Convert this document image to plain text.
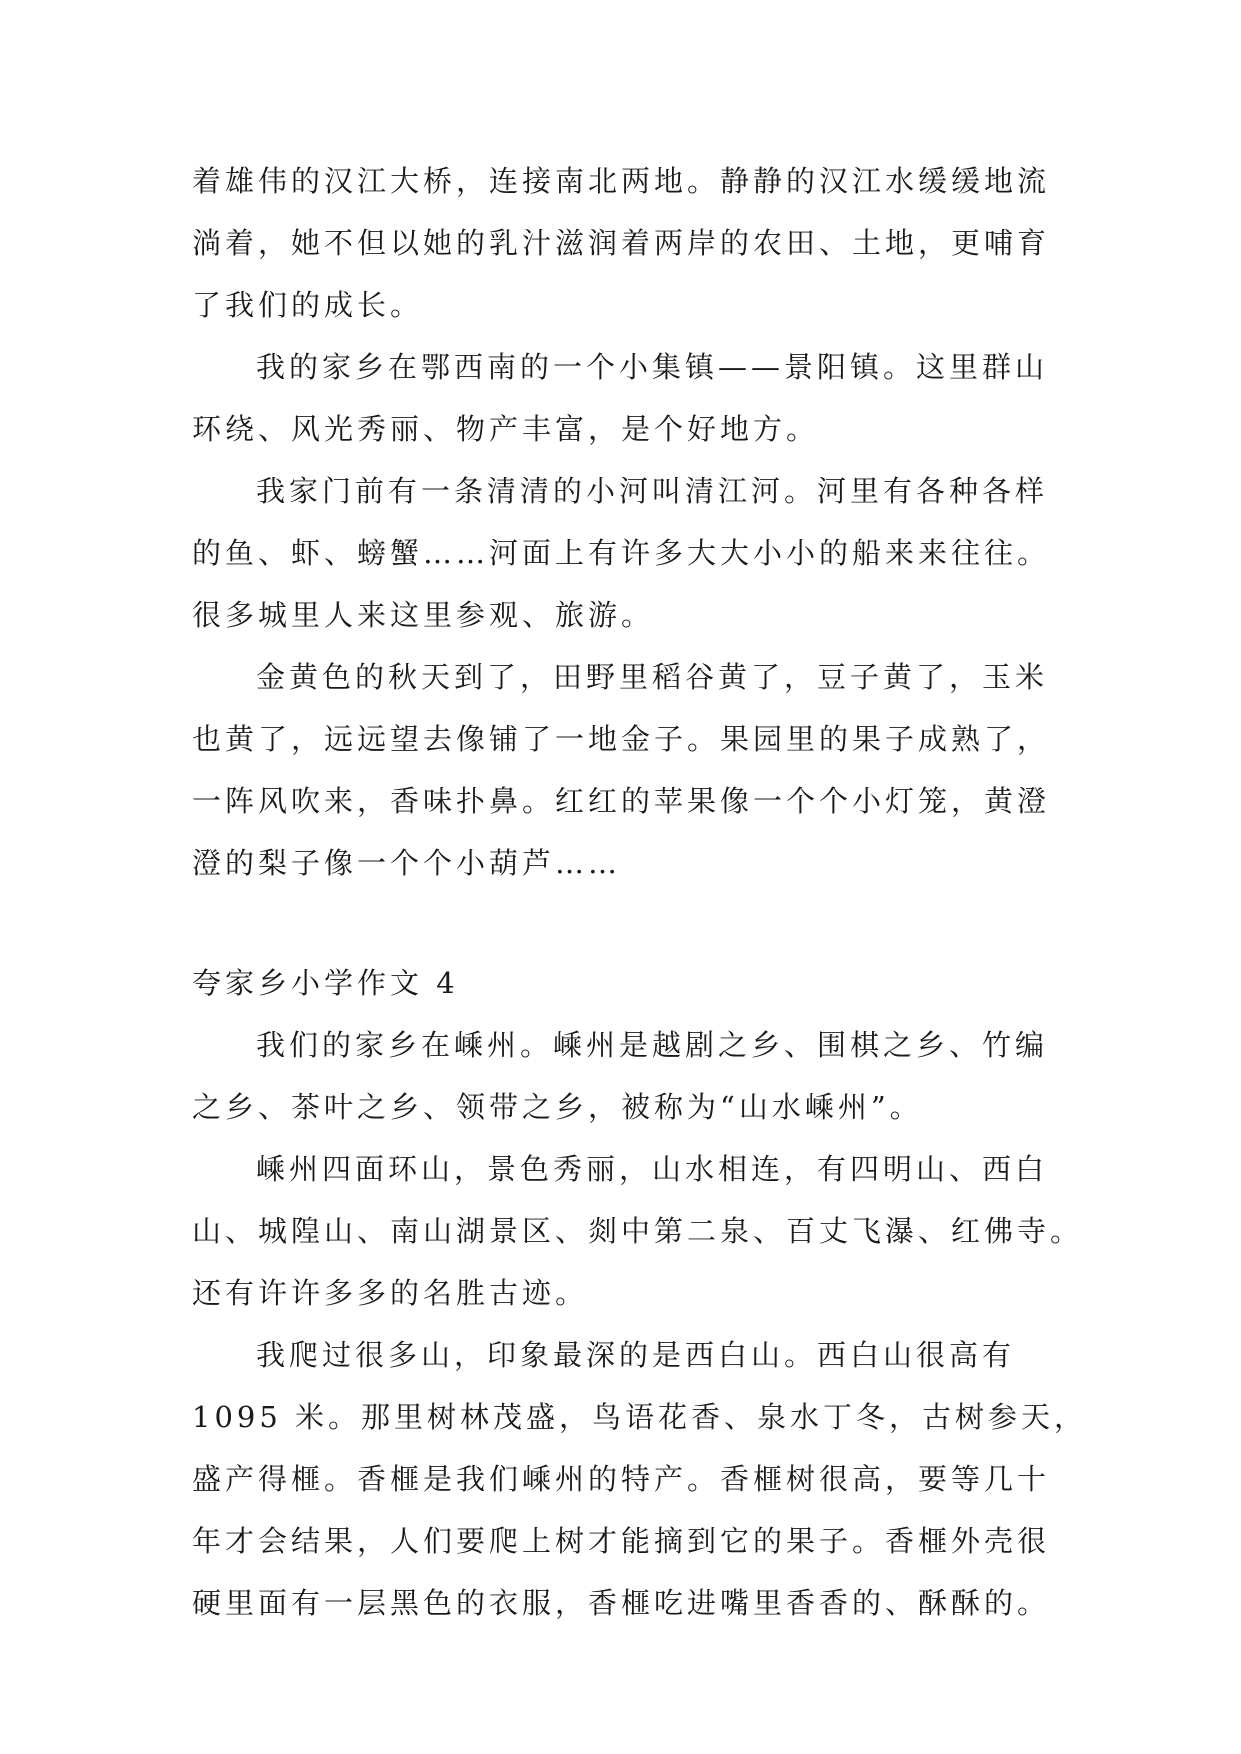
着雄伟的汉江大桥，连接南北两地。静静的汉江水缓缓地流
淌着，她不但以她的乳汁滋润着两岸的农田、土地，更哺育
了我们的成长。
我的家乡在鄂西南的一个小集镇——景阳镇。这里群山
环绕、风光秀丽、物产丰富，是个好地方。
我家门前有一条清清的小河叫清江河。河里有各种各样
的鱼、虾、螃蟹……河面上有许多大大小小的船来来往往。
很多城里人来这里参观、旅游。
金黄色的秋天到了，田野里稻谷黄了，豆子黄了，玉米
也黄了，远远望去像铺了一地金子。果园里的果子成熟了，
一阵风吹来，香味扑鼻。红红的苹果像一个个小灯笼，黄澄
澄的梨子像一个个小葫芦……
夸家乡小学作文 4
我们的家乡在嵊州。嵊州是越剧之乡、围棋之乡、竹编
之乡、茶叶之乡、领带之乡，被称为“山水嵊州”。
嵊州四面环山，景色秀丽，山水相连，有四明山、西白
山、城隍山、南山湖景区、剡中第二泉、百丈飞瀑、红佛寺。
还有许许多多的名胜古迹。
我爬过很多山，印象最深的是西白山。西白山很高有
1095 米。那里树林茂盛，鸟语花香、泉水丁冬，古树参天，
盛产得榧。香榧是我们嵊州的特产。香榧树很高，要等几十
年才会结果，人们要爬上树才能摘到它的果子。香榧外壳很
硬里面有一层黑色的衣服，香榧吃进嘴里香香的、酥酥的。
